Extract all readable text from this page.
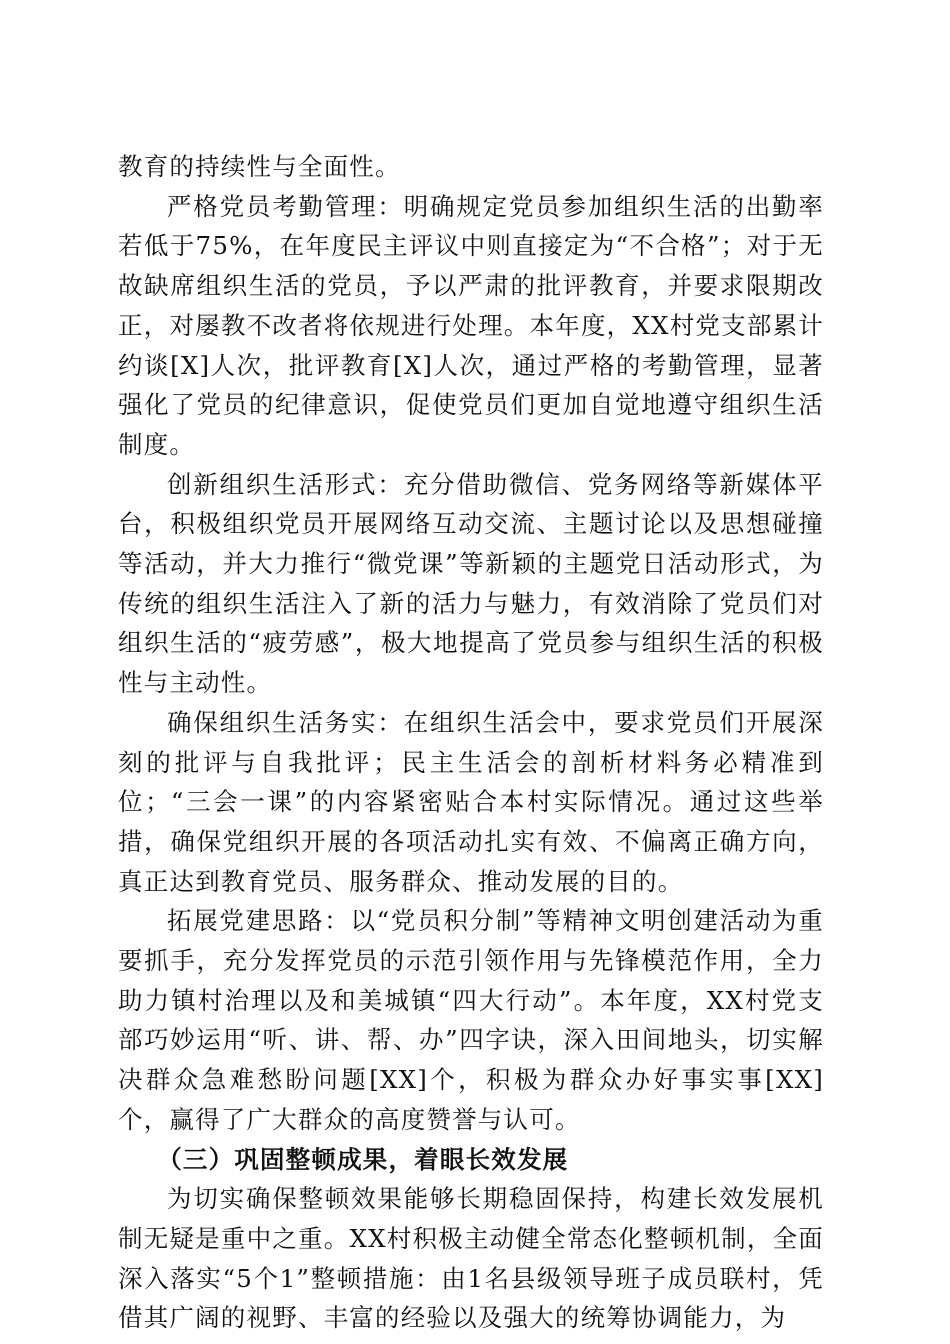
教育的持续性与全面性。

严格党员考勤管理：明确规定党员参加组织生活的出勤率若低于75%，在年度民主评议中则直接定为“不合格”；对于无故缺席组织生活的党员，予以严肃的批评教育，并要求限期改正，对屡教不改者将依规进行处理。本年度，XX村党支部累计约谈[X]人次，批评教育[X]人次，通过严格的考勤管理，显著强化了党员的纪律意识，促使党员们更加自觉地遵守组织生活制度。

创新组织生活形式：充分借助微信、党务网络等新媒体平台，积极组织党员开展网络互动交流、主题讨论以及思想碰撞等活动，并大力推行“微党课”等新颖的主题党日活动形式，为传统的组织生活注入了新的活力与魅力，有效消除了党员们对组织生活的“疲劳感”，极大地提高了党员参与组织生活的积极性与主动性。

确保组织生活务实：在组织生活会中，要求党员们开展深刻的批评与自我批评；民主生活会的剖析材料务必精准到位；“三会一课”的内容紧密贴合本村实际情况。通过这些举措，确保党组织开展的各项活动扎实有效、不偏离正确方向，真正达到教育党员、服务群众、推动发展的目的。

拓展党建思路：以“党员积分制”等精神文明创建活动为重要抓手，充分发挥党员的示范引领作用与先锋模范作用，全力助力镇村治理以及和美城镇“四大行动”。本年度，XX村党支部巧妙运用“听、讲、帮、办”四字诀，深入田间地头，切实解决群众急难愁盼问题[XX]个，积极为群众办好事实事[XX]个，赢得了广大群众的高度赞誉与认可。

（三）巩固整顿成果，着眼长效发展

为切实确保整顿效果能够长期稳固保持，构建长效发展机制无疑是重中之重。XX村积极主动健全常态化整顿机制，全面深入落实“5个1”整顿措施：由1名县级领导班子成员联村，凭借其广阔的视野、丰富的经验以及强大的统筹协调能力，为
